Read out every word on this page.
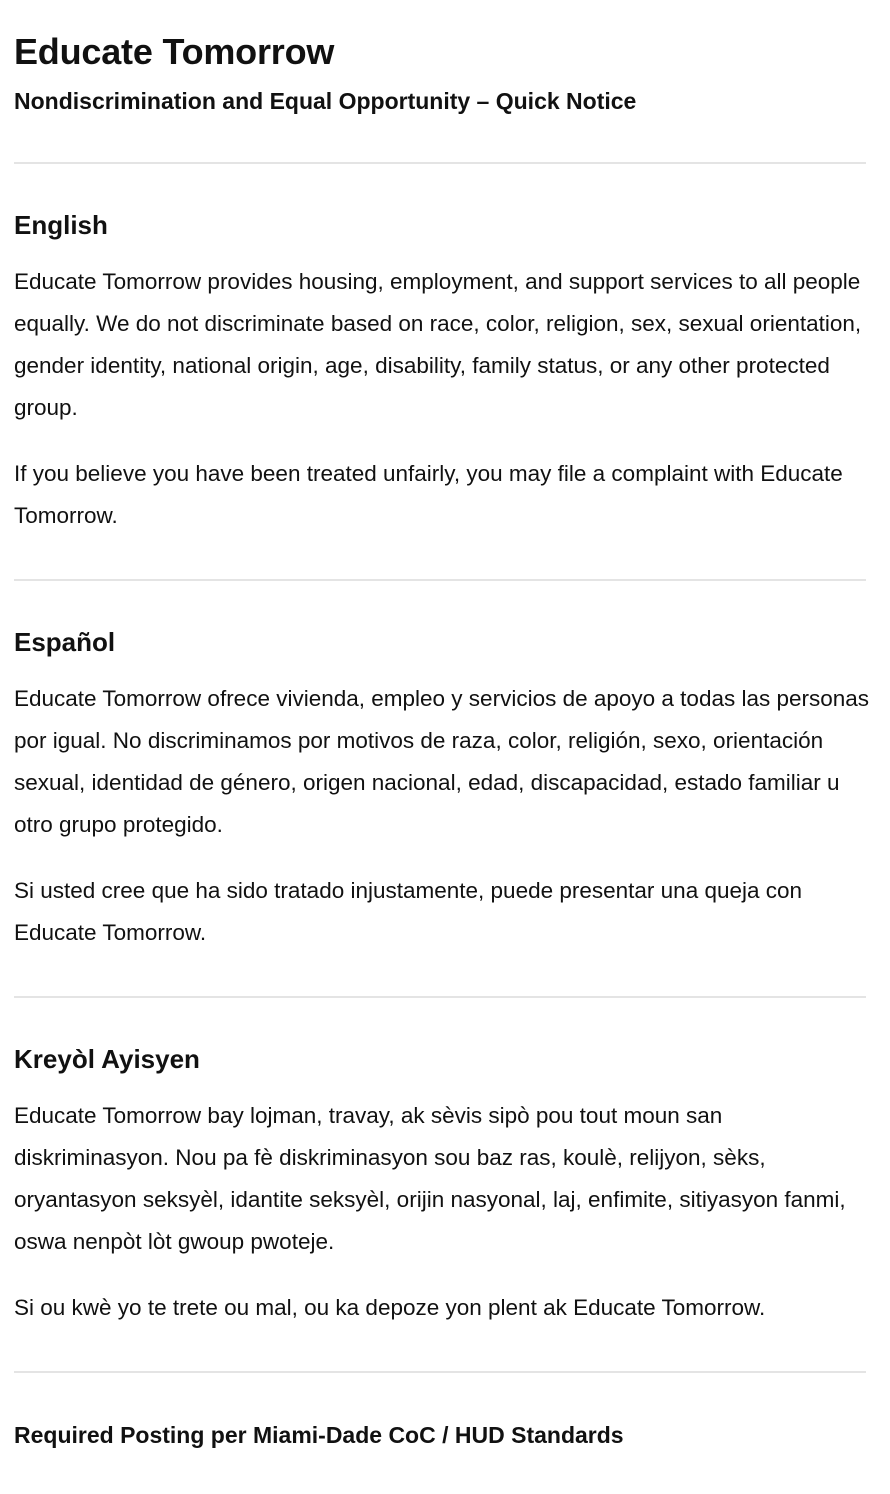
Educate Tomorrow

Nondiscrimination and Equal Opportunity – Quick Notice

English

Educate Tomorrow provides housing, employment, and support services to all people equally. We do not discriminate based on race, color, religion, sex, sexual orientation, gender identity, national origin, age, disability, family status, or any other protected group.

If you believe you have been treated unfairly, you may file a complaint with Educate Tomorrow.

Español

Educate Tomorrow ofrece vivienda, empleo y servicios de apoyo a todas las personas por igual. No discriminamos por motivos de raza, color, religión, sexo, orientación sexual, identidad de género, origen nacional, edad, discapacidad, estado familiar u otro grupo protegido.

Si usted cree que ha sido tratado injustamente, puede presentar una queja con Educate Tomorrow.

Kreyòl Ayisyen

Educate Tomorrow bay lojman, travay, ak sèvis sipò pou tout moun san diskriminasyon. Nou pa fè diskriminasyon sou baz ras, koulè, relijyon, sèks, oryantasyon seksyèl, idantite seksyèl, orijin nasyonal, laj, enfimite, sitiyasyon fanmi, oswa nenpòt lòt gwoup pwoteje.

Si ou kwè yo te trete ou mal, ou ka depoze yon plent ak Educate Tomorrow.

Required Posting per Miami-Dade CoC / HUD Standards
